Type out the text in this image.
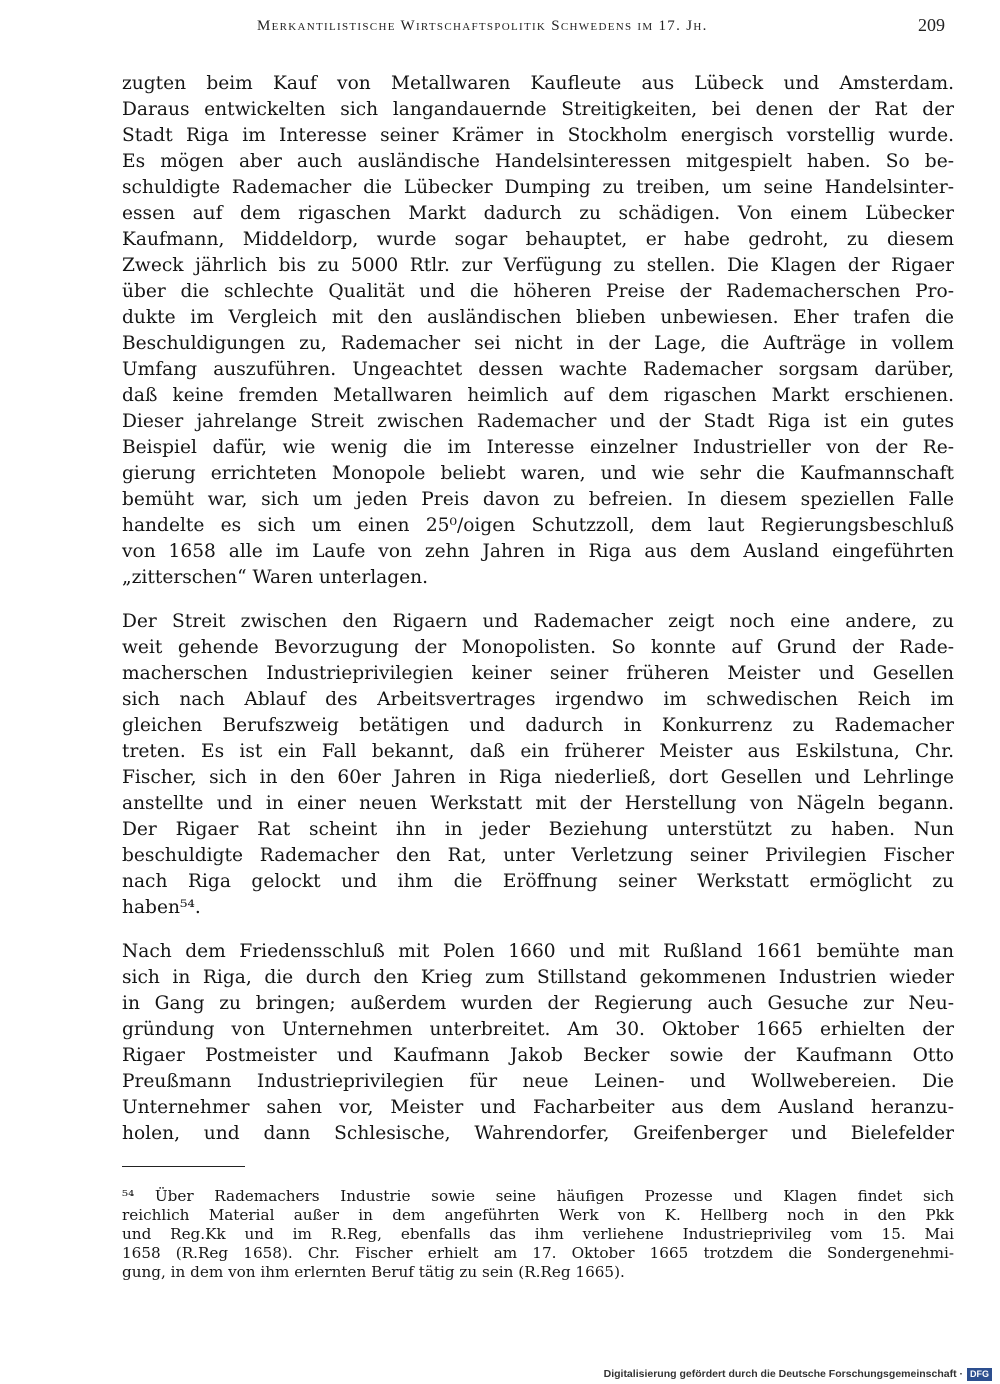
Merkantilistische Wirtschaftspolitik Schwedens im 17. Jh.	209

zugten beim Kauf von Metallwaren Kaufleute aus Lübeck und Amsterdam.
Daraus entwickelten sich langandauernde Streitigkeiten, bei denen der Rat der
Stadt Riga im Interesse seiner Krämer in Stockholm energisch vorstellig wurde.
Es mögen aber auch ausländische Handelsinteressen mitgespielt haben. So be-
schuldigte Rademacher die Lübecker Dumping zu treiben, um seine Handelsinter-
essen auf dem rigaschen Markt dadurch zu schädigen. Von einem Lübecker
Kaufmann, Middeldorp, wurde sogar behauptet, er habe gedroht, zu diesem
Zweck jährlich bis zu 5000 Rtlr. zur Verfügung zu stellen. Die Klagen der Rigaer
über die schlechte Qualität und die höheren Preise der Rademacherschen Pro-
dukte im Vergleich mit den ausländischen blieben unbewiesen. Eher trafen die
Beschuldigungen zu, Rademacher sei nicht in der Lage, die Aufträge in vollem
Umfang auszuführen. Ungeachtet dessen wachte Rademacher sorgsam darüber,
daß keine fremden Metallwaren heimlich auf dem rigaschen Markt erschienen.
Dieser jahrelange Streit zwischen Rademacher und der Stadt Riga ist ein gutes
Beispiel dafür, wie wenig die im Interesse einzelner Industrieller von der Re-
gierung errichteten Monopole beliebt waren, und wie sehr die Kaufmannschaft
bemüht war, sich um jeden Preis davon zu befreien. In diesem speziellen Falle
handelte es sich um einen 25⁰/oigen Schutzzoll, dem laut Regierungsbeschluß
von 1658 alle im Laufe von zehn Jahren in Riga aus dem Ausland eingeführten
„zitterschen“ Waren unterlagen.

Der Streit zwischen den Rigaern und Rademacher zeigt noch eine andere, zu
weit gehende Bevorzugung der Monopolisten. So konnte auf Grund der Rade-
macherschen Industrieprivilegien keiner seiner früheren Meister und Gesellen
sich nach Ablauf des Arbeitsvertrages irgendwo im schwedischen Reich im
gleichen Berufszweig betätigen und dadurch in Konkurrenz zu Rademacher
treten. Es ist ein Fall bekannt, daß ein früherer Meister aus Eskilstuna, Chr.
Fischer, sich in den 60er Jahren in Riga niederließ, dort Gesellen und Lehrlinge
anstellte und in einer neuen Werkstatt mit der Herstellung von Nägeln begann.
Der Rigaer Rat scheint ihn in jeder Beziehung unterstützt zu haben. Nun
beschuldigte Rademacher den Rat, unter Verletzung seiner Privilegien Fischer
nach Riga gelockt und ihm die Eröffnung seiner Werkstatt ermöglicht zu
haben⁵⁴.

Nach dem Friedensschluß mit Polen 1660 und mit Rußland 1661 bemühte man
sich in Riga, die durch den Krieg zum Stillstand gekommenen Industrien wieder
in Gang zu bringen; außerdem wurden der Regierung auch Gesuche zur Neu-
gründung von Unternehmen unterbreitet. Am 30. Oktober 1665 erhielten der
Rigaer Postmeister und Kaufmann Jakob Becker sowie der Kaufmann Otto
Preußmann Industrieprivilegien für neue Leinen- und Wollwebereien. Die
Unternehmer sahen vor, Meister und Facharbeiter aus dem Ausland heranzu-
holen, und dann Schlesische, Wahrendorfer, Greifenberger und Bielefelder

⁵⁴ Über Rademachers Industrie sowie seine häufigen Prozesse und Klagen findet sich
reichlich Material außer in dem angeführten Werk von K. Hellberg noch in den Pkk
und Reg.Kk und im R.Reg, ebenfalls das ihm verliehene Industrieprivileg vom 15. Mai
1658 (R.Reg 1658). Chr. Fischer erhielt am 17. Oktober 1665 trotzdem die Sondergenehmi-
gung, in dem von ihm erlernten Beruf tätig zu sein (R.Reg 1665).
Digitalisierung gefördert durch die Deutsche Forschungsgemeinschaft · DFG
